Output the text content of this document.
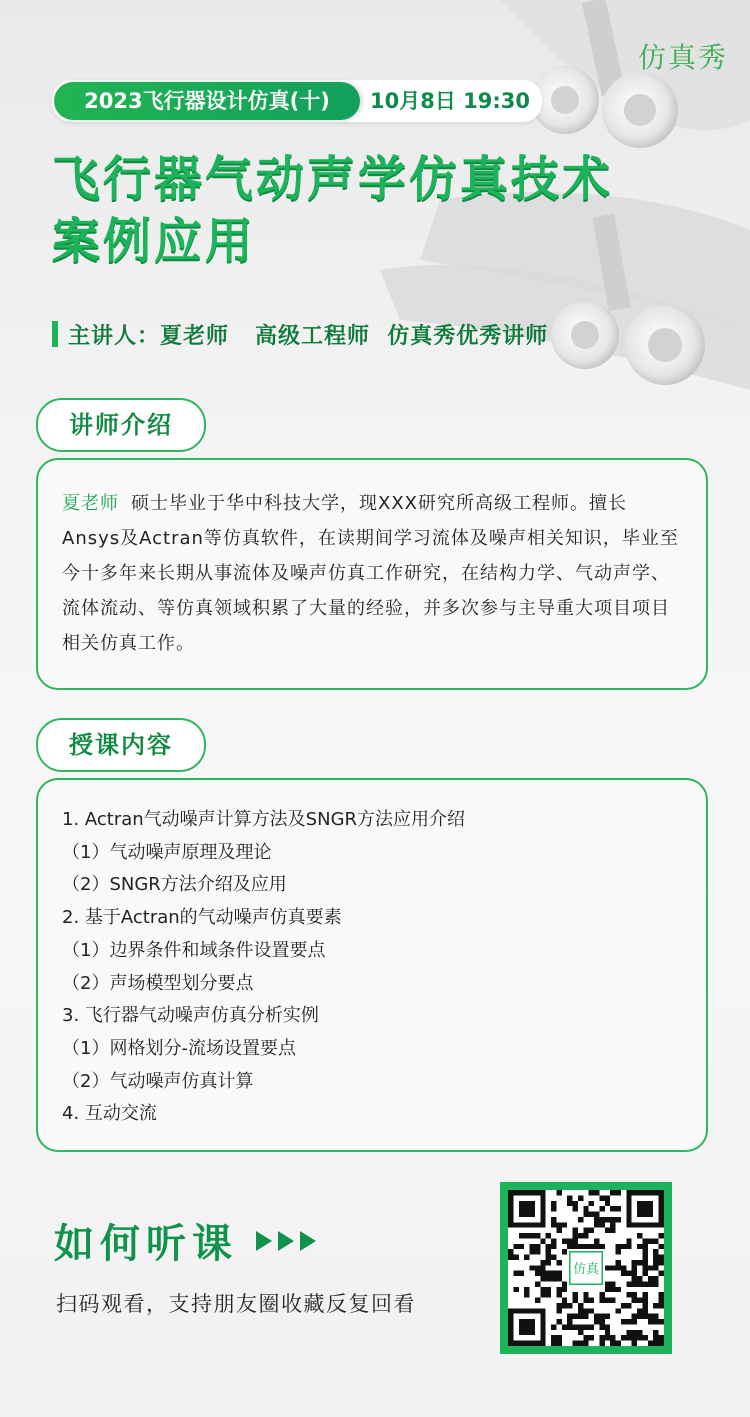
仿真秀
2023飞行器设计仿真(十)	10月8日 19:30
飞行器气动声学仿真技术
案例应用
主讲人：夏老师   高级工程师  仿真秀优秀讲师
讲师介绍
夏老师 硕士毕业于华中科技大学，现XXX研究所高级工程师。擅长Ansys及Actran等仿真软件，在读期间学习流体及噪声相关知识，毕业至今十多年来长期从事流体及噪声仿真工作研究，在结构力学、气动声学、流体流动、等仿真领域积累了大量的经验，并多次参与主导重大项目项目相关仿真工作。
授课内容
1. Actran气动噪声计算方法及SNGR方法应用介绍
（1）气动噪声原理及理论
（2）SNGR方法介绍及应用
2. 基于Actran的气动噪声仿真要素
（1）边界条件和域条件设置要点
（2）声场模型划分要点
3. 飞行器气动噪声仿真分析实例
（1）网格划分-流场设置要点
（2）气动噪声仿真计算
4. 互动交流
如何听课
扫码观看，支持朋友圈收藏反复回看
仿真
